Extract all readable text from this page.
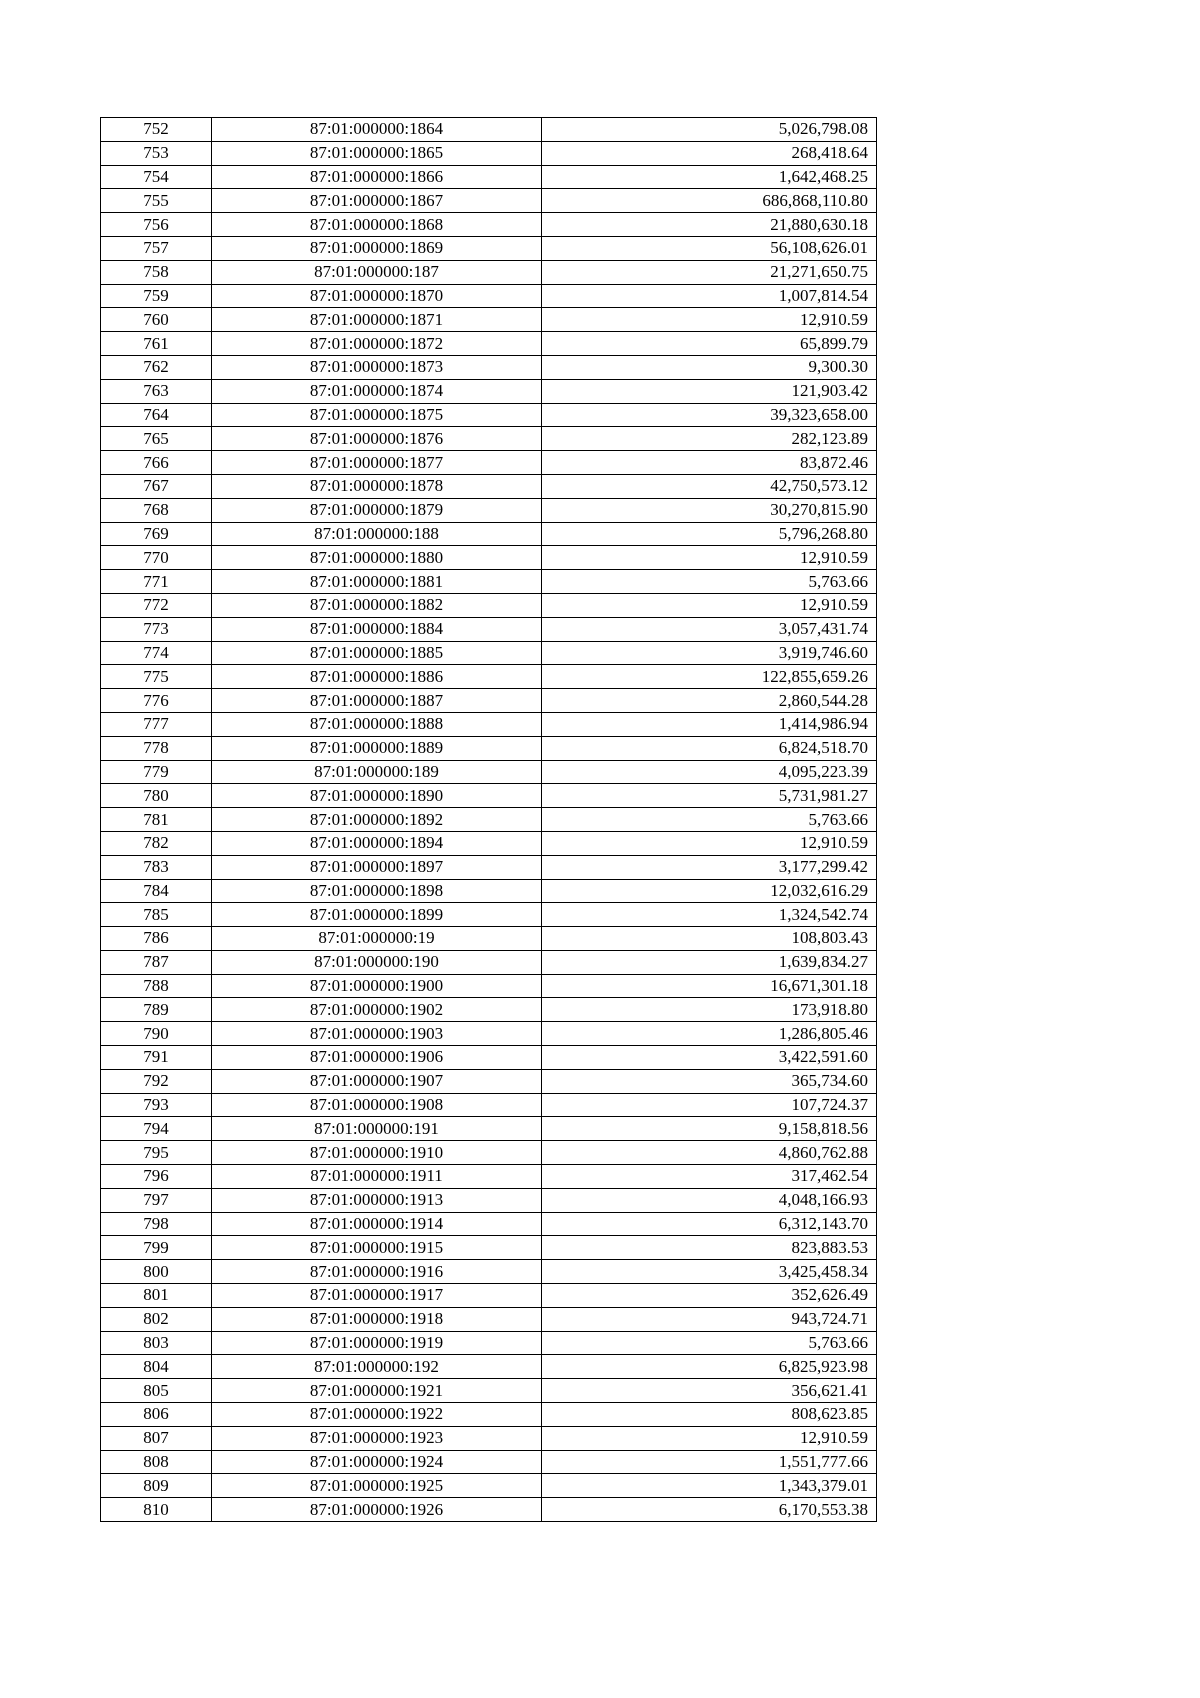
752	87:01:000000:1864	5,026,798.08
753	87:01:000000:1865	268,418.64
754	87:01:000000:1866	1,642,468.25
755	87:01:000000:1867	686,868,110.80
756	87:01:000000:1868	21,880,630.18
757	87:01:000000:1869	56,108,626.01
758	87:01:000000:187	21,271,650.75
759	87:01:000000:1870	1,007,814.54
760	87:01:000000:1871	12,910.59
761	87:01:000000:1872	65,899.79
762	87:01:000000:1873	9,300.30
763	87:01:000000:1874	121,903.42
764	87:01:000000:1875	39,323,658.00
765	87:01:000000:1876	282,123.89
766	87:01:000000:1877	83,872.46
767	87:01:000000:1878	42,750,573.12
768	87:01:000000:1879	30,270,815.90
769	87:01:000000:188	5,796,268.80
770	87:01:000000:1880	12,910.59
771	87:01:000000:1881	5,763.66
772	87:01:000000:1882	12,910.59
773	87:01:000000:1884	3,057,431.74
774	87:01:000000:1885	3,919,746.60
775	87:01:000000:1886	122,855,659.26
776	87:01:000000:1887	2,860,544.28
777	87:01:000000:1888	1,414,986.94
778	87:01:000000:1889	6,824,518.70
779	87:01:000000:189	4,095,223.39
780	87:01:000000:1890	5,731,981.27
781	87:01:000000:1892	5,763.66
782	87:01:000000:1894	12,910.59
783	87:01:000000:1897	3,177,299.42
784	87:01:000000:1898	12,032,616.29
785	87:01:000000:1899	1,324,542.74
786	87:01:000000:19	108,803.43
787	87:01:000000:190	1,639,834.27
788	87:01:000000:1900	16,671,301.18
789	87:01:000000:1902	173,918.80
790	87:01:000000:1903	1,286,805.46
791	87:01:000000:1906	3,422,591.60
792	87:01:000000:1907	365,734.60
793	87:01:000000:1908	107,724.37
794	87:01:000000:191	9,158,818.56
795	87:01:000000:1910	4,860,762.88
796	87:01:000000:1911	317,462.54
797	87:01:000000:1913	4,048,166.93
798	87:01:000000:1914	6,312,143.70
799	87:01:000000:1915	823,883.53
800	87:01:000000:1916	3,425,458.34
801	87:01:000000:1917	352,626.49
802	87:01:000000:1918	943,724.71
803	87:01:000000:1919	5,763.66
804	87:01:000000:192	6,825,923.98
805	87:01:000000:1921	356,621.41
806	87:01:000000:1922	808,623.85
807	87:01:000000:1923	12,910.59
808	87:01:000000:1924	1,551,777.66
809	87:01:000000:1925	1,343,379.01
810	87:01:000000:1926	6,170,553.38
